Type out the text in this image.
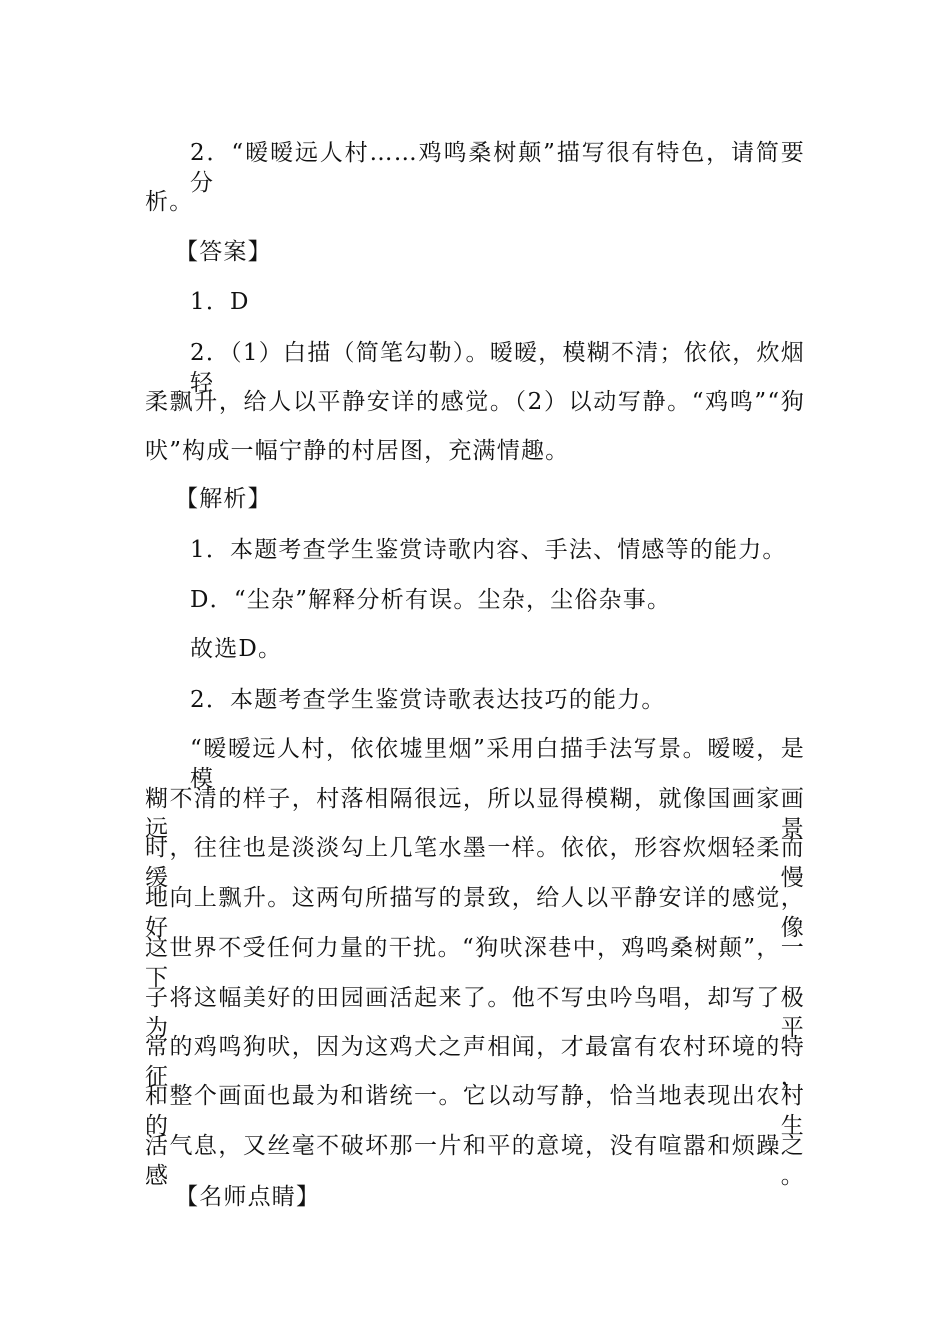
2．“暧暧远人村……鸡鸣桑树颠”描写很有特色，请简要分
析。
【答案】
1．D
2．（1）白描（简笔勾勒）。暧暧，模糊不清；依依，炊烟轻
柔飘升，给人以平静安详的感觉。（2）以动写静。“鸡鸣”“狗
吠”构成一幅宁静的村居图，充满情趣。
【解析】
1．本题考查学生鉴赏诗歌内容、手法、情感等的能力。
D．“尘杂”解释分析有误。尘杂，尘俗杂事。
故选D。
2．本题考查学生鉴赏诗歌表达技巧的能力。
“暧暧远人村，依依墟里烟”采用白描手法写景。暧暧，是模
糊不清的样子，村落相隔很远，所以显得模糊，就像国画家画远景
时，往往也是淡淡勾上几笔水墨一样。依依，形容炊烟轻柔而缓慢
地向上飘升。这两句所描写的景致，给人以平静安详的感觉，好像
这世界不受任何力量的干扰。“狗吠深巷中，鸡鸣桑树颠”，一下
子将这幅美好的田园画活起来了。他不写虫吟鸟唱，却写了极为平
常的鸡鸣狗吠，因为这鸡犬之声相闻，才最富有农村环境的特征，
和整个画面也最为和谐统一。它以动写静，恰当地表现出农村的生
活气息，又丝毫不破坏那一片和平的意境，没有喧嚣和烦躁之感。
【名师点睛】
